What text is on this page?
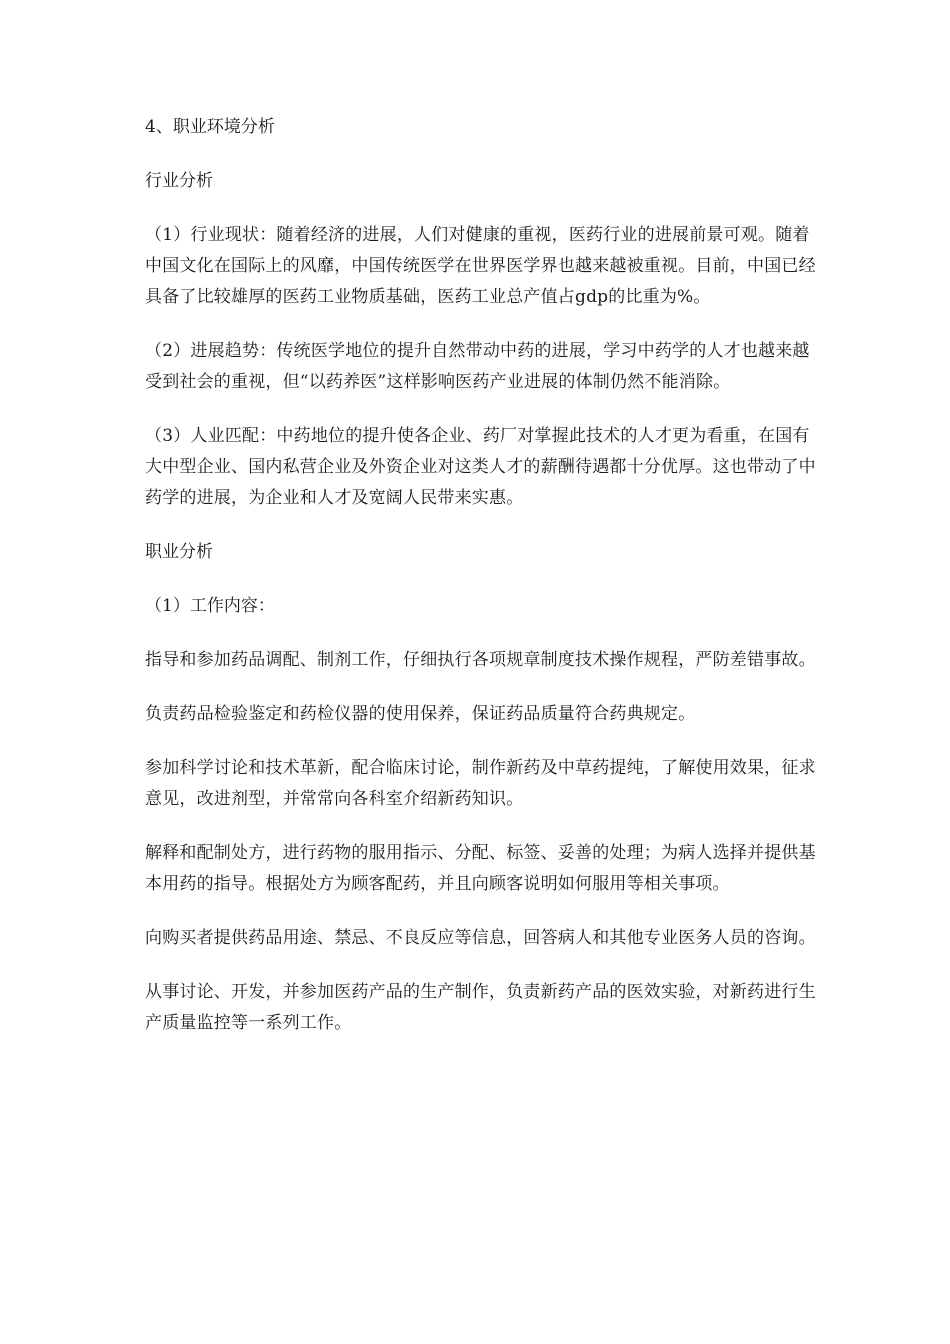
4、职业环境分析

行业分析

（1）行业现状：随着经济的进展，人们对健康的重视，医药行业的进展前景可观。随着中国文化在国际上的风靡，中国传统医学在世界医学界也越来越被重视。目前，中国已经具备了比较雄厚的医药工业物质基础，医药工业总产值占gdp的比重为%。

（2）进展趋势：传统医学地位的提升自然带动中药的进展，学习中药学的人才也越来越受到社会的重视，但“以药养医”这样影响医药产业进展的体制仍然不能消除。

（3）人业匹配：中药地位的提升使各企业、药厂对掌握此技术的人才更为看重，在国有大中型企业、国内私营企业及外资企业对这类人才的薪酬待遇都十分优厚。这也带动了中药学的进展，为企业和人才及宽阔人民带来实惠。

职业分析

（1）工作内容：

指导和参加药品调配、制剂工作，仔细执行各项规章制度技术操作规程，严防差错事故。

负责药品检验鉴定和药检仪器的使用保养，保证药品质量符合药典规定。

参加科学讨论和技术革新，配合临床讨论，制作新药及中草药提纯，了解使用效果，征求意见，改进剂型，并常常向各科室介绍新药知识。

解释和配制处方，进行药物的服用指示、分配、标签、妥善的处理；为病人选择并提供基本用药的指导。根据处方为顾客配药，并且向顾客说明如何服用等相关事项。

向购买者提供药品用途、禁忌、不良反应等信息，回答病人和其他专业医务人员的咨询。

从事讨论、开发，并参加医药产品的生产制作，负责新药产品的医效实验，对新药进行生产质量监控等一系列工作。
